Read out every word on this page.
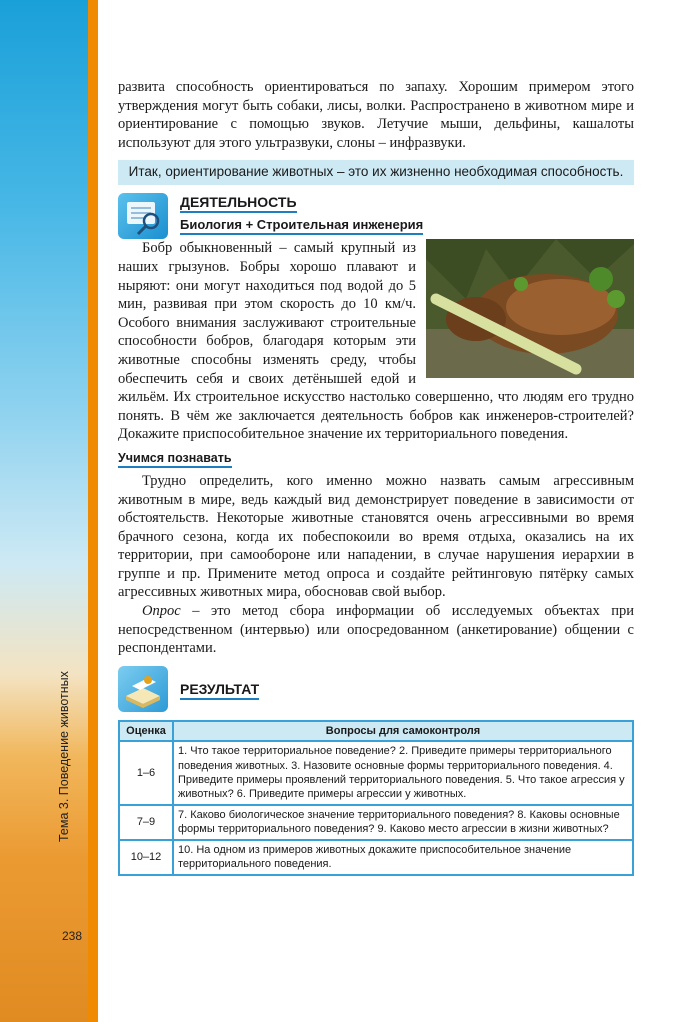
Тема 3. Поведение животных
238

развита способность ориентироваться по запаху. Хорошим примером этого утверждения могут быть собаки, лисы, волки. Распространено в животном мире и ориентирование с помощью звуков. Летучие мыши, дельфины, кашалоты используют для этого ультразвуки, слоны – инфразвуки.

Итак, ориентирование животных – это их жизненно необходимая способность.
ДЕЯТЕЛЬНОСТЬ
Биология + Строительная инженерия

Бобр обыкновенный – самый крупный из наших грызунов. Бобры хорошо плавают и ныряют: они могут находиться под водой до 5 мин, развивая при этом скорость до 10 км/ч. Особого внимания заслуживают строительные способности бобров, благодаря которым эти животные способны изменять среду, чтобы обеспечить себя и своих детёнышей едой и жильём. Их строительное искусство настолько совершенно, что людям его трудно понять. В чём же заключается деятельность бобров как инженеров-строителей? Докажите приспособительное значение их территориального поведения.

Учимся познавать

Трудно определить, кого именно можно назвать самым агрессивным животным в мире, ведь каждый вид демонстрирует поведение в зависимости от обстоятельств. Некоторые животные становятся очень агрессивными во время брачного сезона, когда их побеспокоили во время отдыха, оказались на их территории, при самообороне или нападении, в случае нарушения иерархии в группе и пр. Примените метод опроса и создайте рейтинговую пятёрку самых агрессивных животных мира, обосновав свой выбор.

Опрос – это метод сбора информации об исследуемых объектах при непосредственном (интервью) или опосредованном (анкетирование) общении с респондентами.

РЕЗУЛЬТАТ
Оценка	Вопросы для самоконтроля
1–6	1. Что такое территориальное поведение? 2. Приведите примеры территориального поведения животных. 3. Назовите основные формы территориального поведения. 4. Приведите примеры проявлений территориального поведения. 5. Что такое агрессия у животных? 6. Приведите примеры агрессии у животных.
7–9	7. Каково биологическое значение территориального поведения? 8. Каковы основные формы территориального поведения? 9. Каково место агрессии в жизни животных?
10–12	10. На одном из примеров животных докажите приспособительное значение территориального поведения.
